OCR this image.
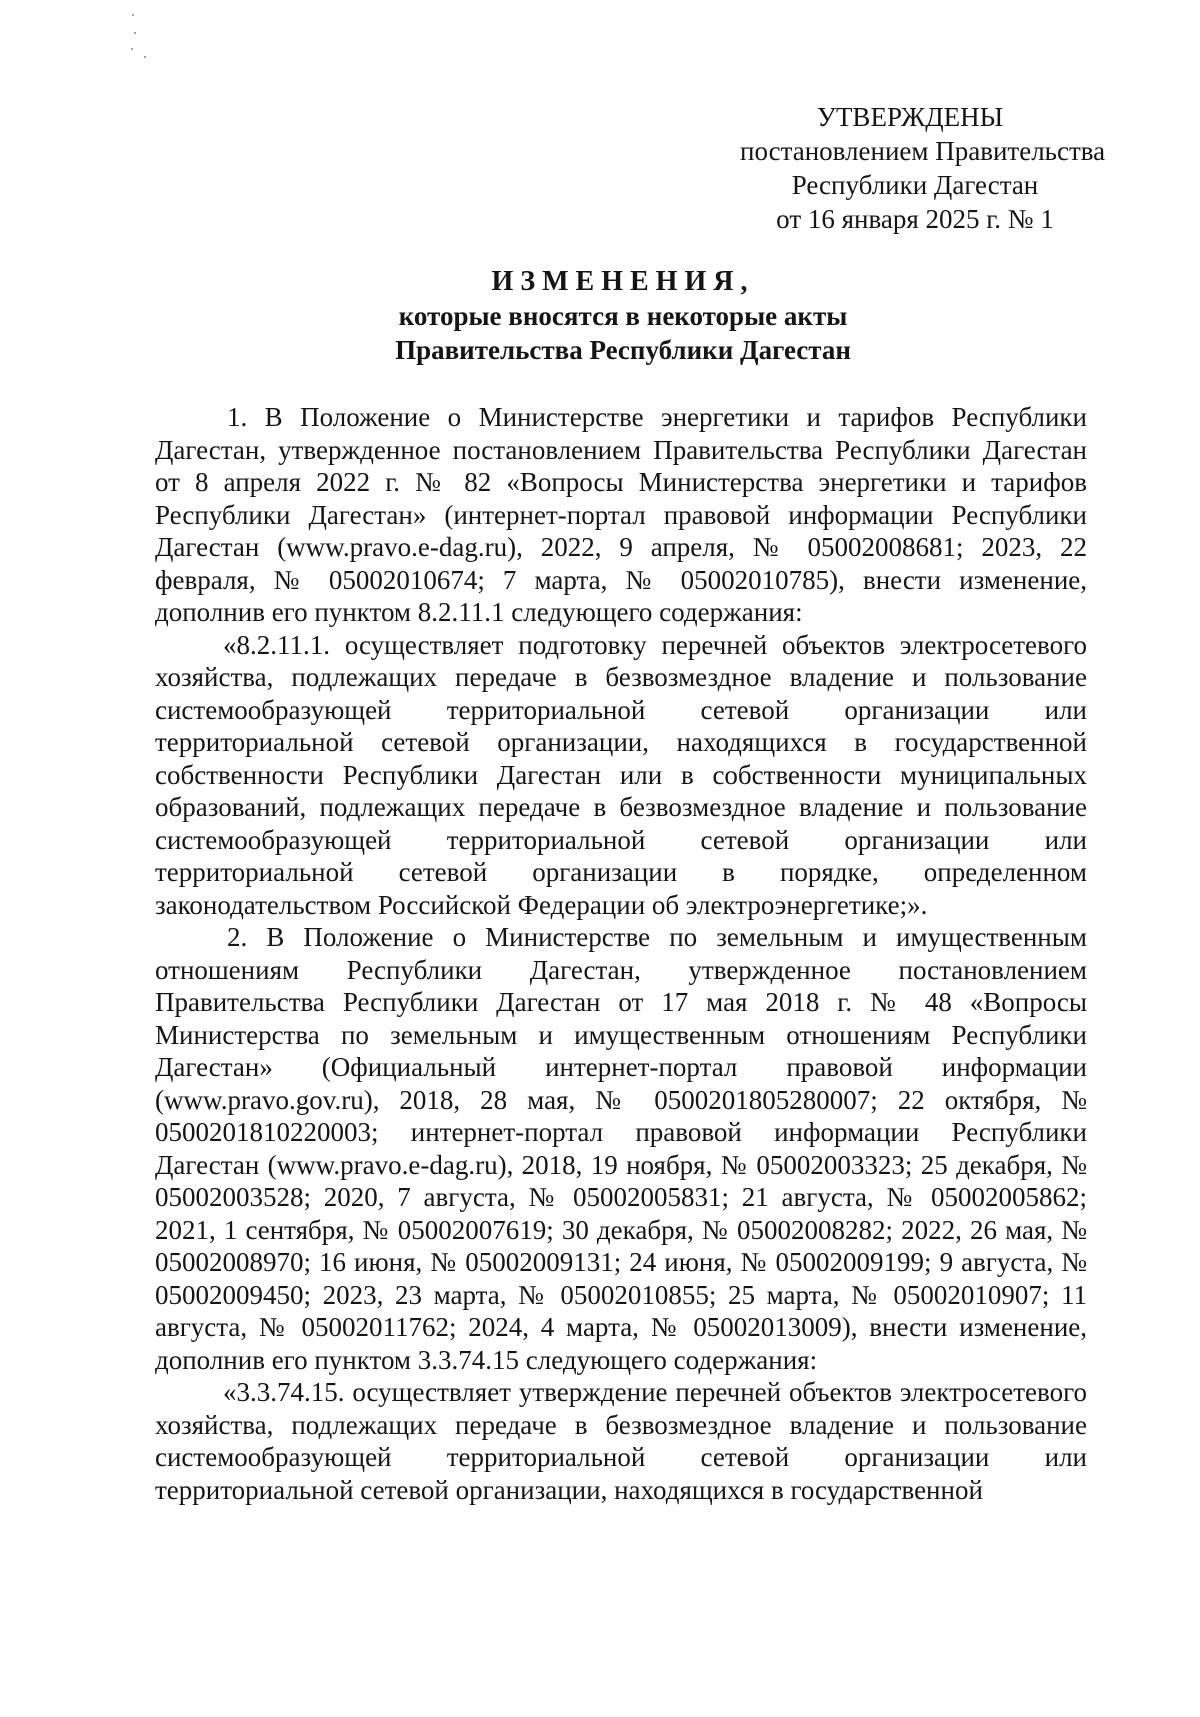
УТВЕРЖДЕНЫ
постановлением Правительства
Республики Дагестан
от 16 января 2025 г. № 1
ИЗМЕНЕНИЯ,
которые вносятся в некоторые акты
Правительства Республики Дагестан

1. В Положение о Министерстве энергетики и тарифов Республики Дагестан, утвержденное постановлением Правительства Республики Дагестан от 8 апреля 2022 г. № 82 «Вопросы Министерства энергетики и тарифов Республики Дагестан» (интернет-портал правовой информации Республики Дагестан (www.pravo.e-dag.ru), 2022, 9 апреля, № 05002008681; 2023, 22 февраля, № 05002010674; 7 марта, № 05002010785), внести изменение, дополнив его пунктом 8.2.11.1 следующего содержания:

«8.2.11.1. осуществляет подготовку перечней объектов электросетевого хозяйства, подлежащих передаче в безвозмездное владение и пользование системообразующей территориальной сетевой организации или территориальной сетевой организации, находящихся в государственной собственности Республики Дагестан или в собственности муниципальных образований, подлежащих передаче в безвозмездное владение и пользование системообразующей территориальной сетевой организации или территориальной сетевой организации в порядке, определенном законодательством Российской Федерации об электроэнергетике;».

2. В Положение о Министерстве по земельным и имущественным отношениям Республики Дагестан, утвержденное постановлением Правительства Республики Дагестан от 17 мая 2018 г. № 48 «Вопросы Министерства по земельным и имущественным отношениям Республики Дагестан» (Официальный интернет-портал правовой информации (www.pravo.gov.ru), 2018, 28 мая, № 0500201805280007; 22 октября, № 0500201810220003; интернет-портал правовой информации Республики Дагестан (www.pravo.e-dag.ru), 2018, 19 ноября, № 05002003323; 25 декабря, № 05002003528; 2020, 7 августа, № 05002005831; 21 августа, № 05002005862; 2021, 1 сентября, № 05002007619; 30 декабря, № 05002008282; 2022, 26 мая, № 05002008970; 16 июня, № 05002009131; 24 июня, № 05002009199; 9 августа, № 05002009450; 2023, 23 марта, № 05002010855; 25 марта, № 05002010907; 11 августа, № 05002011762; 2024, 4 марта, № 05002013009), внести изменение, дополнив его пунктом 3.3.74.15 следующего содержания:

«3.3.74.15. осуществляет утверждение перечней объектов электросетевого хозяйства, подлежащих передаче в безвозмездное владение и пользование системообразующей территориальной сетевой организации или территориальной сетевой организации, находящихся в государственной
